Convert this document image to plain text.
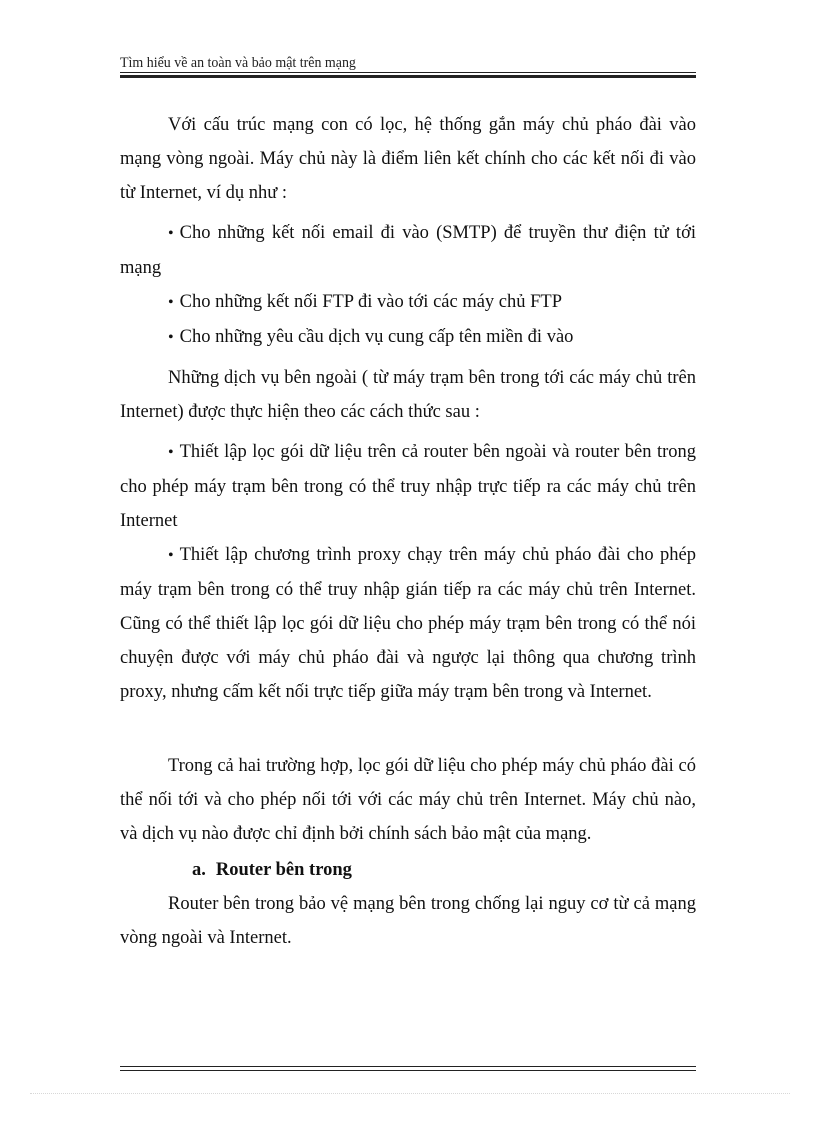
Tìm hiểu về an toàn và bảo mật trên mạng

Với cấu trúc mạng con có lọc, hệ thống gắn máy chủ pháo đài vào mạng vòng ngoài. Máy chủ này là điểm liên kết chính cho các kết nối đi vào từ Internet, ví dụ như :

• Cho những kết nối email đi vào (SMTP) để truyền thư điện tử tới mạng

• Cho những kết nối FTP đi vào tới các máy chủ FTP

• Cho những yêu cầu dịch vụ cung cấp tên miền đi vào

Những dịch vụ bên ngoài ( từ máy trạm bên trong tới các máy chủ trên Internet) được thực hiện theo các cách thức sau :

• Thiết lập lọc gói dữ liệu trên cả router bên ngoài và router bên trong cho phép máy trạm bên trong có thể truy nhập trực tiếp ra các máy chủ trên Internet

• Thiết lập chương trình proxy chạy trên máy chủ pháo đài cho phép máy trạm bên trong có thể truy nhập gián tiếp ra các máy chủ trên Internet. Cũng có thể thiết lập lọc gói dữ liệu cho phép máy trạm bên trong có thể nói chuyện được với máy chủ pháo đài và ngược lại thông qua chương trình proxy, nhưng cấm kết nối trực tiếp giữa máy trạm bên trong và Internet.

Trong cả hai trường hợp, lọc gói dữ liệu cho phép máy chủ pháo đài có thể nối tới và cho phép nối tới với các máy chủ trên Internet. Máy chủ nào, và dịch vụ nào được chỉ định bởi chính sách bảo mật của mạng.

a. Router bên trong

Router bên trong bảo vệ mạng bên trong chống lại nguy cơ từ cả mạng vòng ngoài và Internet.
